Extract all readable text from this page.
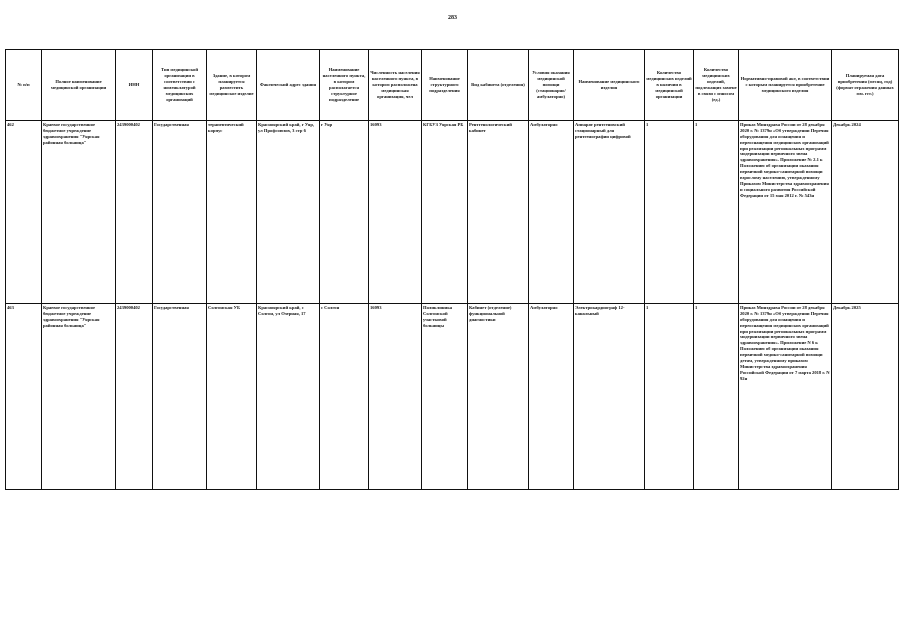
283
№ п/п	Полное наименование медицинской организации	ИНН	Тип медицинской организации в соответствии с номенклатурой медицинских организаций	Здание, в котором планируется разместить медицинское изделие	Фактический адрес здания	Наименование населенного пункта, в котором располагается структурное подразделение	Численность населения населенного пункта, в котором расположена медицинская организация, чел	Наименование структурного подразделения	Вид кабинета (отделения)	Условия оказания медицинской помощи (стационарно/амбулаторно)	Наименование медицинского изделия	Количество медицинских изделий в наличии в медицинской организации	Количество медицинских изделий, подлежащих замене в связи с износом (ед.)	Нормативно-правовой акт, в соответствии с которым планируется приобретение медицинского изделия	Планируемая дата приобретения (месяц, год) (формат отражения данных мм. ггг.)
462	Краевое государственное бюджетное учреждение здравоохранения "Уярская районная больница"	2439000402	Государственная	терапевтический корпус	Красноярский край, г Уяр, ул Профсоюзов, 3 стр 6	г Уяр	16093	КГБУЗ Уярская РБ	Рентгенологический кабинет	Амбулаторно	Аппарат рентгеновский стационарный для рентгенографии цифровой	1	1	Приказ Минздрава России от 28 декабря 2020 г. № 1379н «Об утверждении Перечня оборудования для оснащения и переоснащения медицинских организаций при реализации региональных программ модернизации первичного звена здравоохранения». Приложение № 2.1 к Положению об организации оказания первичной медико-санитарной помощи взрослому населению, утвержденному Приказом Министерства здравоохранения и социального развития Российской Федерации от 15 мая 2012 г. № 543н	Декабрь 2024
463	Краевое государственное бюджетное учреждение здравоохранения "Уярская районная больница"	2439000402	Государственная	Солгонская УБ	Красноярский край, с Солгон, ул Озерная, 17	с Солгон	16093	Поликлиника Солгонской участковой больницы	Кабинет (отделение) функциональной диагностики	Амбулаторно	Электрокардиограф 12-канальный	1	1	Приказ Минздрава России от 28 декабря 2020 г. № 1379н «Об утверждении Перечня оборудования для оснащения и переоснащения медицинских организаций при реализации региональных программ модернизации первичного звена здравоохранения». Приложение N 6 к Положению об организации оказания первичной медико-санитарной помощи детям, утвержденному приказом Министерства здравоохранения Российской Федерации от 7 марта 2018 г. N 92н	Декабрь 2025
